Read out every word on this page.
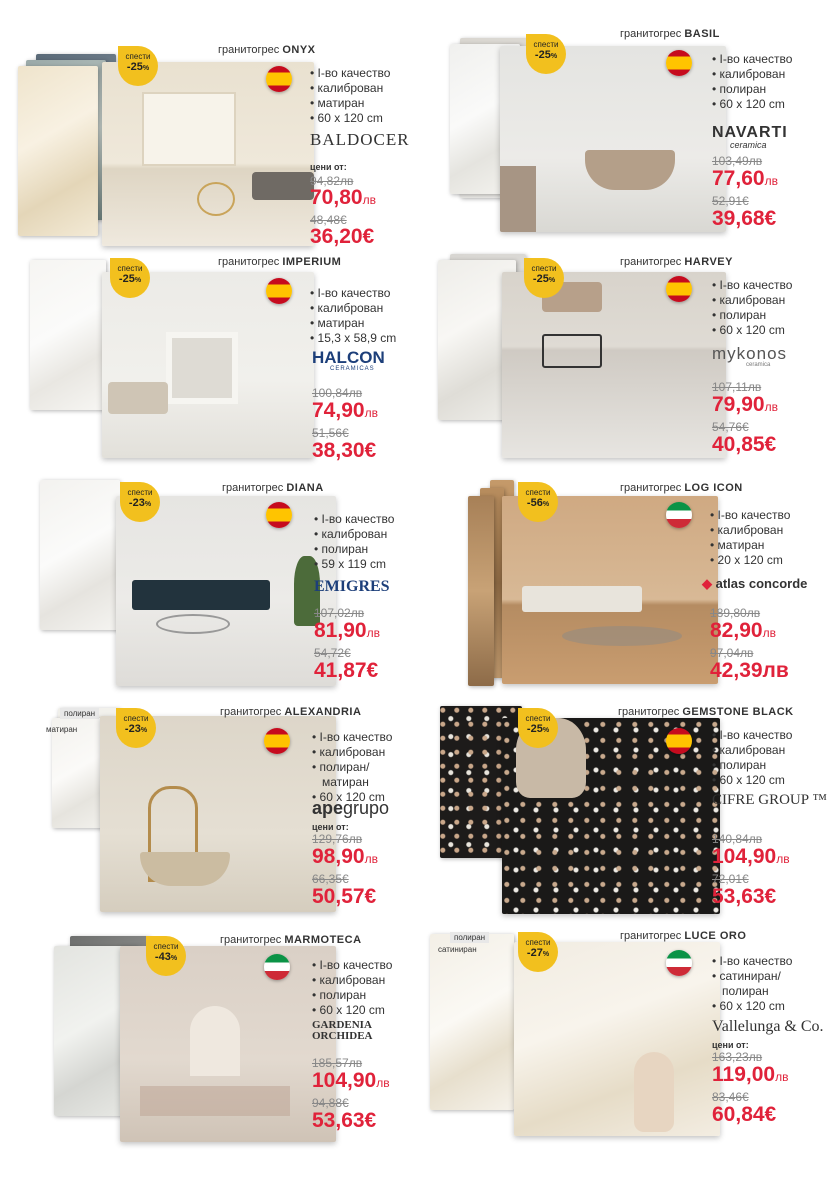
спести
-25%
гранитогрес ONYX
• I-во качество
• калиброван
• матиран
• 60 x 120 cm
BALDOCER
цени от:
94,82лв
70,80лв
48,48€
36,20€
спести
-25%
гранитогрес BASIL
• I-во качество
• калиброван
• полиран
• 60 x 120 cm
NAVARTI
ceramica
103,49лв
77,60лв
52,91€
39,68€
спести
-25%
гранитогрес IMPERIUM
• I-во качество
• калиброван
• матиран
• 15,3 x 58,9 cm
HALCON
CERAMICAS
100,84лв
74,90лв
51,56€
38,30€
спести
-25%
гранитогрес HARVEY
• I-во качество
• калиброван
• полиран
• 60 x 120 cm
mykonos
ceramica
107,11лв
79,90лв
54,76€
40,85€
спести
-23%
гранитогрес DIANA
• I-во качество
• калиброван
• полиран
• 59 x 119 cm
EMIGRES
107,02лв
81,90лв
54,72€
41,87€
спести
-56%
гранитогрес LOG ICON
• I-во качество
• калиброван
• матиран
• 20 x 120 cm
◆ atlas concorde
189,80лв
82,90лв
97,04лв
42,39лв
полиран
матиран
спести
-23%
гранитогрес ALEXANDRIA
• I-во качество
• калиброван
• полиран/
матиран
• 60 x 120 cm
apegrupo
цени от:
129,76лв
98,90лв
66,35€
50,57€
спести
-25%
гранитогрес GEMSTONE BLACK
• I-во качество
• калиброван
• полиран
• 60 x 120 cm
CIFRE GROUP ™
140,84лв
104,90лв
72,01€
53,63€
спести
-43%
гранитогрес MARMOTECA
• I-во качество
• калиброван
• полиран
• 60 x 120 cm
GARDENIA
ORCHIDEA
185,57лв
104,90лв
94,88€
53,63€
полиран
сатиниран
спести
-27%
гранитогрес LUCE ORO
• I-во качество
• сатиниран/
полиран
• 60 x 120 cm
Vallelunga & Co.
цени от:
163,23лв
119,00лв
83,46€
60,84€
